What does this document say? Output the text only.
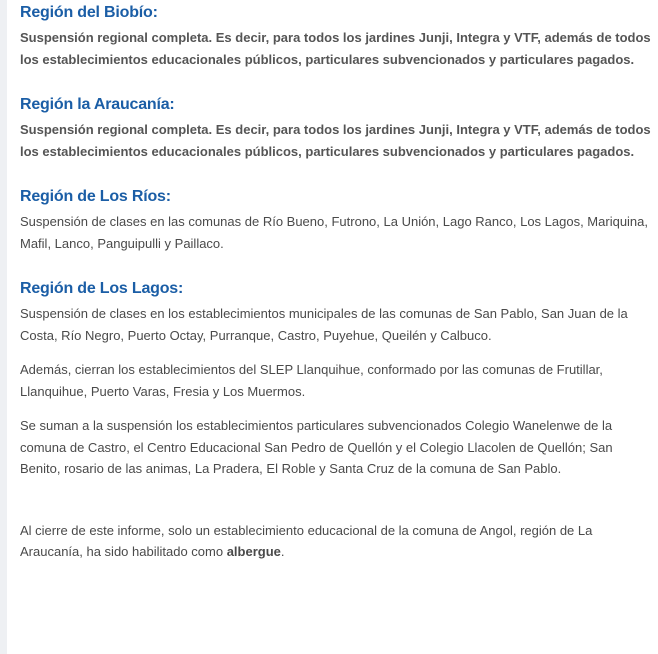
Región del Biobío:

Suspensión regional completa. Es decir, para todos los jardines Junji, Integra y VTF, además de todos los establecimientos educacionales públicos, particulares subvencionados y particulares pagados.

Región la Araucanía:

Suspensión regional completa. Es decir, para todos los jardines Junji, Integra y VTF, además de todos los establecimientos educacionales públicos, particulares subvencionados y particulares pagados.

Región de Los Ríos:

Suspensión de clases en las comunas de Río Bueno, Futrono, La Unión, Lago Ranco, Los Lagos, Mariquina, Mafil, Lanco, Panguipulli y Paillaco.

Región de Los Lagos:

Suspensión de clases en los establecimientos municipales de las comunas de San Pablo, San Juan de la Costa, Río Negro, Puerto Octay, Purranque, Castro, Puyehue, Queilén y Calbuco.

Además, cierran los establecimientos del SLEP Llanquihue, conformado por las comunas de Frutillar, Llanquihue, Puerto Varas, Fresia y Los Muermos.

Se suman a la suspensión los establecimientos particulares subvencionados Colegio Wanelenwe de la comuna de Castro, el Centro Educacional San Pedro de Quellón y el Colegio Llacolen de Quellón; San Benito, rosario de las animas, La Pradera, El Roble y Santa Cruz de la comuna de San Pablo.

Al cierre de este informe, solo un establecimiento educacional de la comuna de Angol, región de La Araucanía, ha sido habilitado como albergue.
